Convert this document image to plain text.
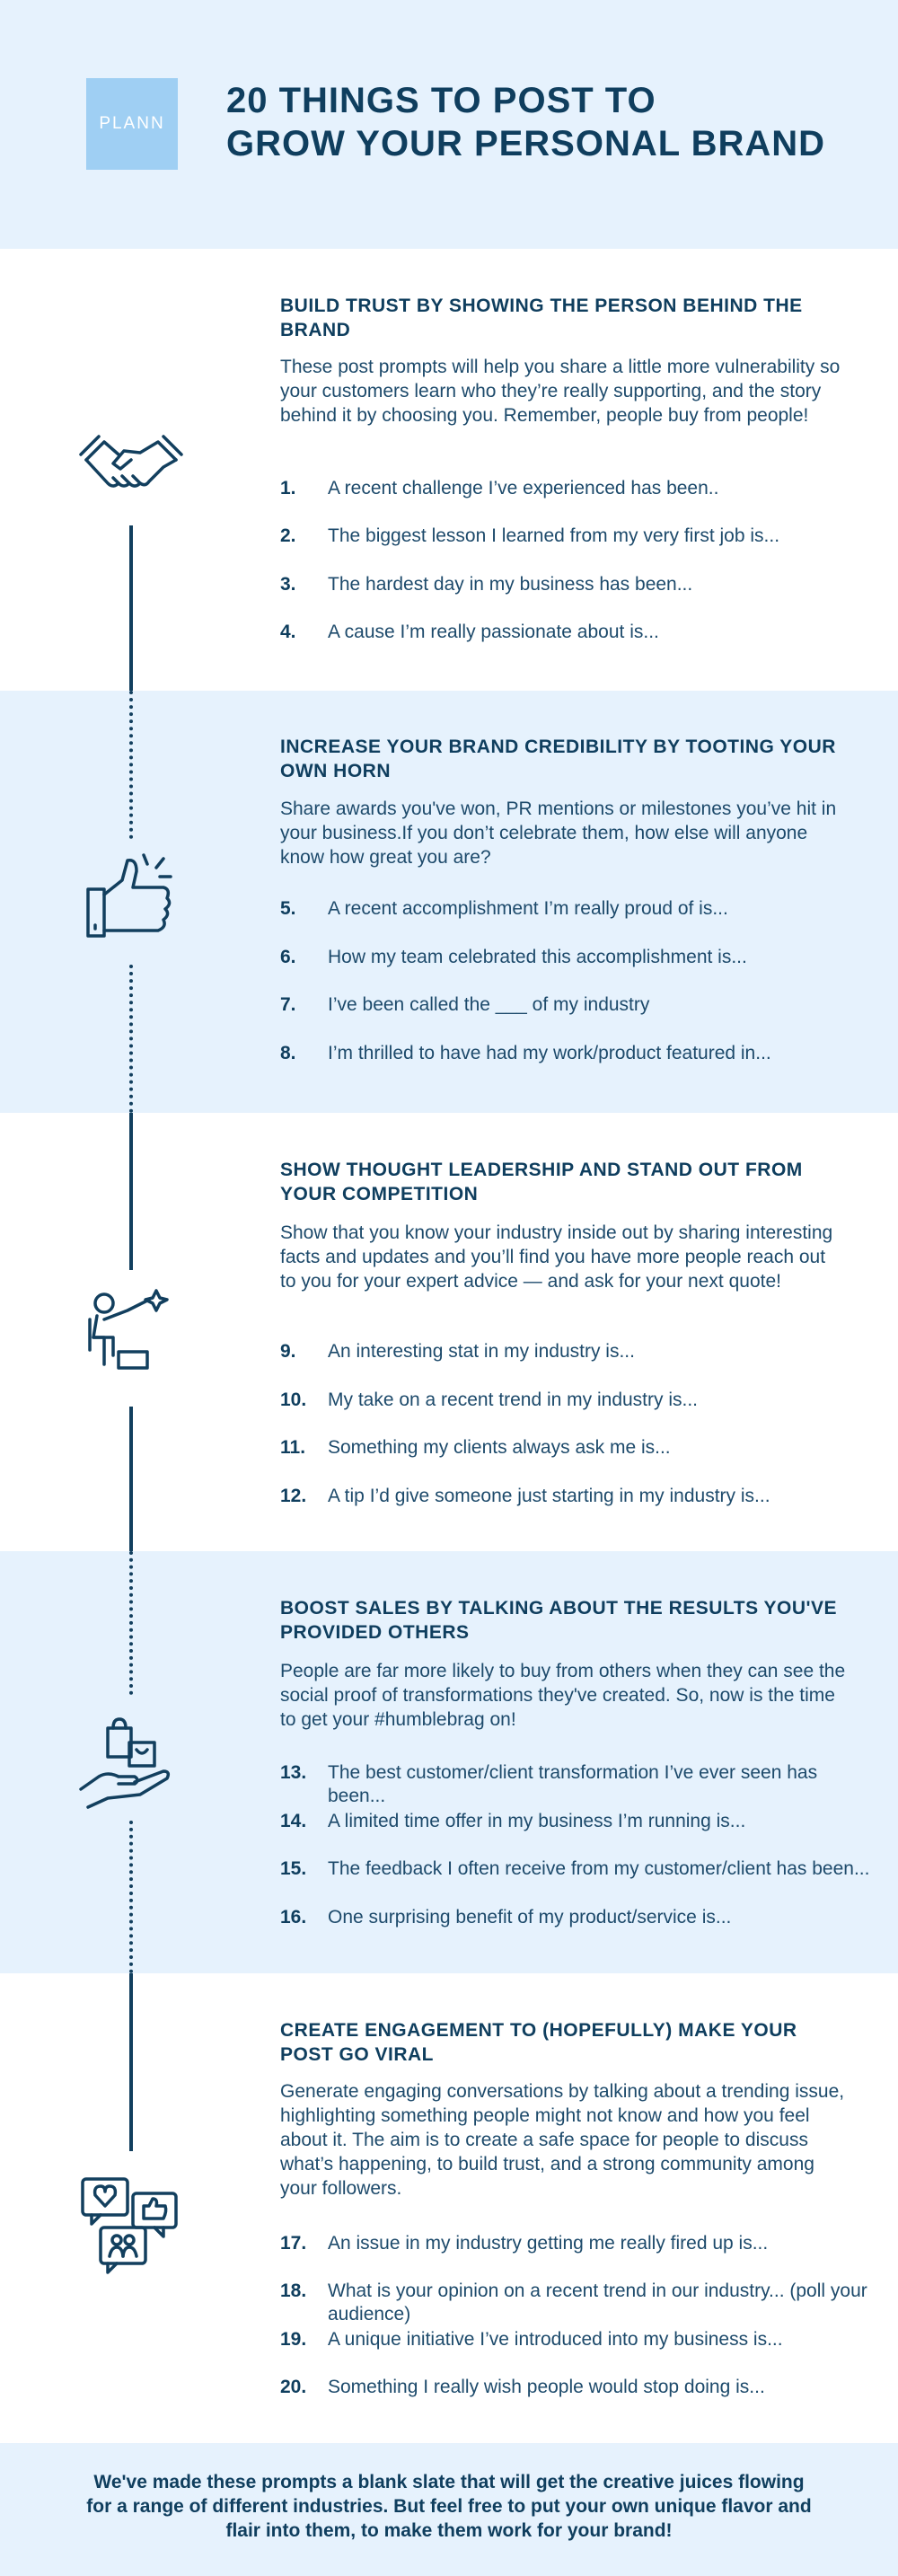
PLANN
20 THINGS TO POST TO
GROW YOUR PERSONAL BRAND
BUILD TRUST BY SHOWING THE PERSON BEHIND THE BRAND
These post prompts will help you share a little more vulnerability so your customers learn who they’re really supporting, and the story behind it by choosing you. Remember, people buy from people!
1. A recent challenge I’ve experienced has been..
2. The biggest lesson I learned from my very first job is...
3. The hardest day in my business has been...
4. A cause I’m really passionate about is...
INCREASE YOUR BRAND CREDIBILITY BY TOOTING YOUR OWN HORN
Share awards you've won, PR mentions or milestones you’ve hit in your business.If you don’t celebrate them, how else will anyone know how great you are?
5. A recent accomplishment I’m really proud of is...
6. How my team celebrated this accomplishment is...
7. I’ve been called the ___ of my industry
8. I’m thrilled to have had my work/product featured in...
SHOW THOUGHT LEADERSHIP AND STAND OUT FROM YOUR COMPETITION
Show that you know your industry inside out by sharing interesting facts and updates and you’ll find you have more people reach out to you for your expert advice — and ask for your next quote!
9. An interesting stat in my industry is...
10. My take on a recent trend in my industry is...
11. Something my clients always ask me is...
12. A tip I’d give someone just starting in my industry is...
BOOST SALES BY TALKING ABOUT THE RESULTS YOU'VE PROVIDED OTHERS
People are far more likely to buy from others when they can see the social proof of transformations they've created. So, now is the time to get your #humblebrag on!
13. The best customer/client transformation I’ve ever seen has been...
14. A limited time offer in my business I’m running is...
15. The feedback I often receive from my customer/client has been...
16. One surprising benefit of my product/service is...
CREATE ENGAGEMENT TO (HOPEFULLY) MAKE YOUR POST GO VIRAL
Generate engaging conversations by talking about a trending issue, highlighting something people might not know and how you feel about it. The aim is to create a safe space for people to discuss what’s happening, to build trust, and a strong community among your followers.
17. An issue in my industry getting me really fired up is...
18. What is your opinion on a recent trend in our industry... (poll your audience)
19. A unique initiative I’ve introduced into my business is...
20. Something I really wish people would stop doing is...
We've made these prompts a blank slate that will get the creative juices flowing for a range of different industries. But feel free to put your own unique flavor and flair into them, to make them work for your brand!
